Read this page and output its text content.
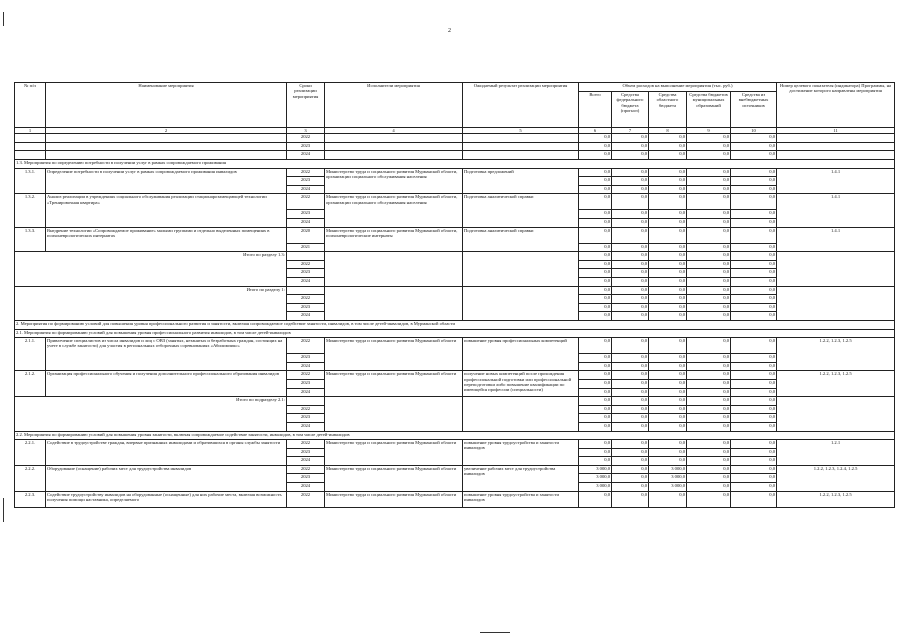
2
№ п/п	Наименование мероприятия	Сроки реализации мероприятия	Исполнители мероприятия	Ожидаемый результат реализации мероприятия	Объем расходов на выполнение мероприятия (тыс. руб.)					Номер целевого показателя (индикатора) Программы, на достижение которого направлены мероприятия
					Всего	Средства федерального бюджета (прогноз)	Средства областного бюджета	Средства бюджетов муниципальных образований	Средства из внебюджетных источников	
1	2	3	4	5	6	7	8	9	10	11
		2022			0,0	0,0	0,0	0,0	0,0	
		2023			0,0	0,0	0,0	0,0	0,0	
		2024			0,0	0,0	0,0	0,0	0,0	
1.3. Мероприятия по определению потребности в получении услуг в рамках сопровождаемого проживания										
1.3.1.	Определение потребности в получении услуг в рамках сопровождаемого проживания инвалидов	2022	Министерство труда и социального развития Мурманской области, организации социального обслуживания населения	Подготовка предложений	0,0	0,0	0,0	0,0	0,0	1.4.1
		2023			0,0	0,0	0,0	0,0	0,0	
		2024			0,0	0,0	0,0	0,0	0,0	
1.3.2.	Анализ реализации в учреждениях социального обслуживания реализации стационарозамещающей технологии «Тренировочная квартира»	2022	Министерство труда и социального развития Мурманской области, организации социального обслуживания населения	Подготовка аналитической справки	0,0	0,0	0,0	0,0	0,0	1.4.1
		2023			0,0	0,0	0,0	0,0	0,0	
		2024			0,0	0,0	0,0	0,0	0,0	
1.3.3.	Внедрение технологии «Сопровождаемое проживание» малыми группами и отдельно выделенных помещениях в психоневрологических интернатах	2020	Министерство труда и социального развития Мурманской области, психоневрологические интернаты	Подготовка аналитической справки	0,0	0,0	0,0	0,0	0,0	1.4.1
		2021			0,0	0,0	0,0	0,0	0,0	
Итого по разделу 1.3:					0,0	0,0	0,0	0,0	0,0	
		2022			0,0	0,0	0,0	0,0	0,0	
		2023			0,0	0,0	0,0	0,0	0,0	
		2024			0,0	0,0	0,0	0,0	0,0	
Итого по разделу 1:					0,0	0,0	0,0	0,0	0,0	
		2022			0,0	0,0	0,0	0,0	0,0	
		2023			0,0	0,0	0,0	0,0	0,0	
		2024			0,0	0,0	0,0	0,0	0,0	
2. Мероприятия по формированию условий для повышения уровня профессионального развития и занятости, включая сопровождаемое содействие занятости, инвалидов, в том числе детей-инвалидов, в Мурманской области										
2.1. Мероприятия по формированию условий для повышения уровня профессионального развития инвалидов, в том числе детей-инвалидов										
2.1.1.	Привлечение специалистов из числа инвалидов и лиц с ОВЗ (занятых, незанятых и безработных граждан, состоящих на учете в службе занятости) для участия в региональных отборочных соревнованиях «Абилимпикс»	2022	Министерство труда и социального развития Мурманской области	повышение уровня профессиональных компетенций	0,0	0,0	0,0	0,0	0,0	1.2.2, 1.2.3, 1.2.5
		2023			0,0	0,0	0,0	0,0	0,0	
		2024			0,0	0,0	0,0	0,0	0,0	
2.1.2.	Организация профессионального обучения и получения дополнительного профессионального образования инвалидов	2022	Министерство труда и социального развития Мурманской области	получение новых компетенций после прохождения профессиональной подготовки или профессиональной переподготовки либо повышение квалификации по имеющейся профессии (специальности)	0,0	0,0	0,0	0,0	0,0	1.2.2, 1.2.3, 1.2.5
		2023			0,0	0,0	0,0	0,0	0,0	
		2024			0,0	0,0	0,0	0,0	0,0	
Итого по подразделу 2.1:					0,0	0,0	0,0	0,0	0,0	
		2022			0,0	0,0	0,0	0,0	0,0	
		2023			0,0	0,0	0,0	0,0	0,0	
		2024			0,0	0,0	0,0	0,0	0,0	
2.2. Мероприятия по формированию условий для повышения уровня занятости, включая сопровождаемое содействие занятости, инвалидов, в том числе детей-инвалидов										
2.2.1.	Содействие в трудоустройстве граждан, впервые признанных инвалидами и обратившихся в органы службы занятости	2022	Министерство труда и социального развития Мурманской области	повышение уровня трудоустройства и занятости инвалидов	0,0	0,0	0,0	0,0	0,0	1.2.1
		2023			0,0	0,0	0,0	0,0	0,0	
		2024			0,0	0,0	0,0	0,0	0,0	
2.2.2.	Оборудование (оснащение) рабочих мест для трудоустройства инвалидов	2022	Министерство труда и социального развития Мурманской области	увеличение рабочих мест для трудоустройства инвалидов	3 000,0	0,0	3 000,0	0,0	0,0	1.2.2, 1.2.3, 1.2.4, 1.2.5
		2023			3 000,0	0,0	3 000,0	0,0	0,0	
		2024			3 000,0	0,0	3 000,0	0,0	0,0	
2.2.3.	Содействие трудоустройству инвалидов на оборудованные (оснащенные) для них рабочие места, включая возможность получения помощи наставника, определяемого	2022	Министерство труда и социального развития Мурманской области	повышение уровня трудоустройства и занятости инвалидов	0,0	0,0	0,0	0,0	0,0	1.2.2, 1.2.3, 1.2.5
